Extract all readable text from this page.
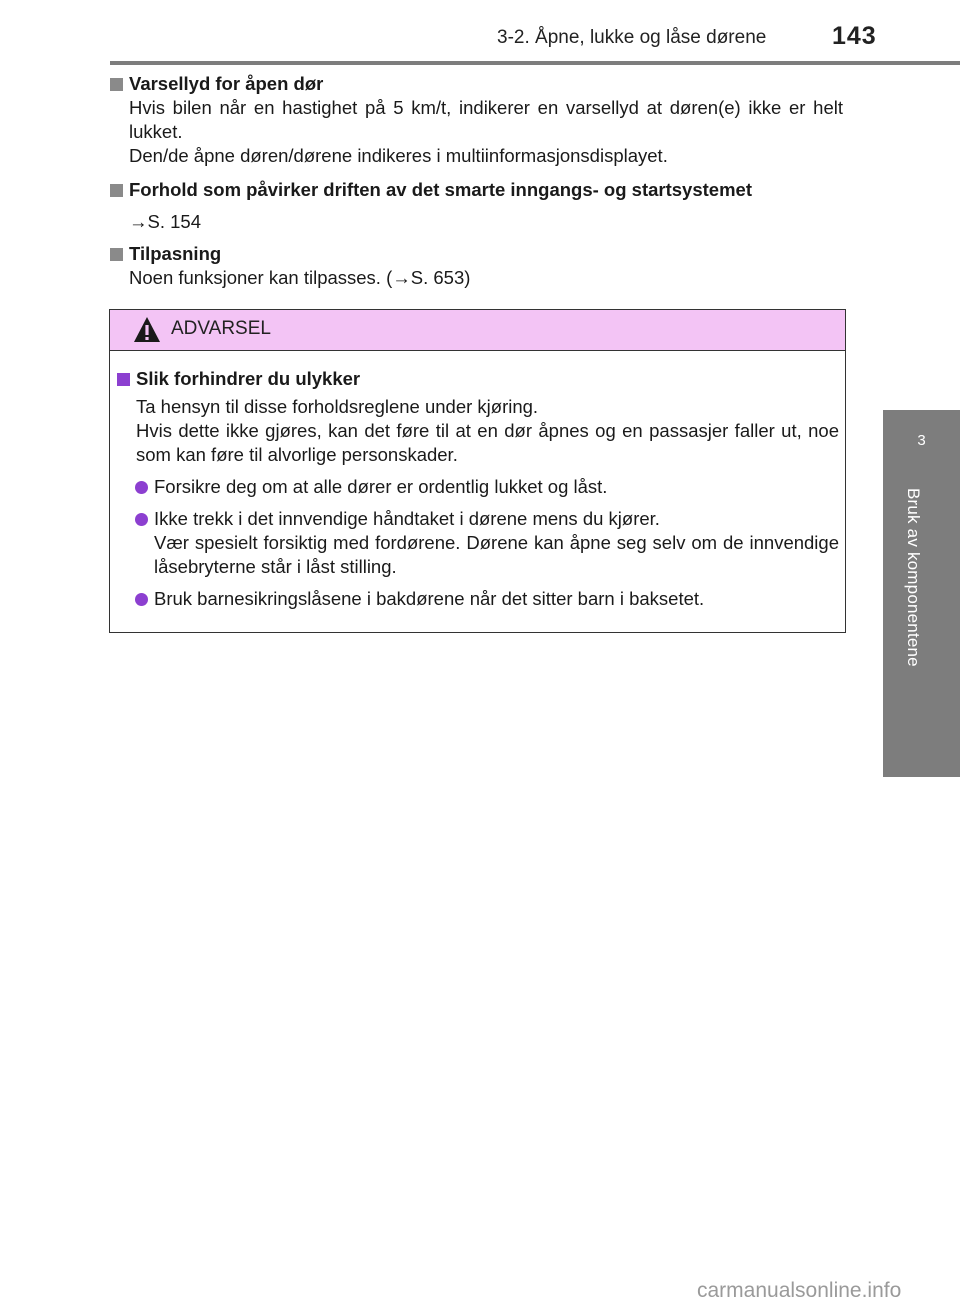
3-2. Åpne, lukke og låse dørene	143
3
Bruk av komponentene
Varsellyd for åpen dør
Hvis bilen når en hastighet på 5 km/t, indikerer en varsellyd at døren(e) ikke er helt lukket.
Den/de åpne døren/dørene indikeres i multiinformasjonsdisplayet.
Forhold som påvirker driften av det smarte inngangs- og startsystemet
→S. 154
Tilpasning
Noen funksjoner kan tilpasses. (→S. 653)
ADVARSEL
Slik forhindrer du ulykker
Ta hensyn til disse forholdsreglene under kjøring.
Hvis dette ikke gjøres, kan det føre til at en dør åpnes og en passasjer faller ut, noe som kan føre til alvorlige personskader.
Forsikre deg om at alle dører er ordentlig lukket og låst.
Ikke trekk i det innvendige håndtaket i dørene mens du kjører.
Vær spesielt forsiktig med fordørene. Dørene kan åpne seg selv om de innvendige låsebryterne står i låst stilling.
Bruk barnesikringslåsene i bakdørene når det sitter barn i baksetet.
carmanualsonline.info
